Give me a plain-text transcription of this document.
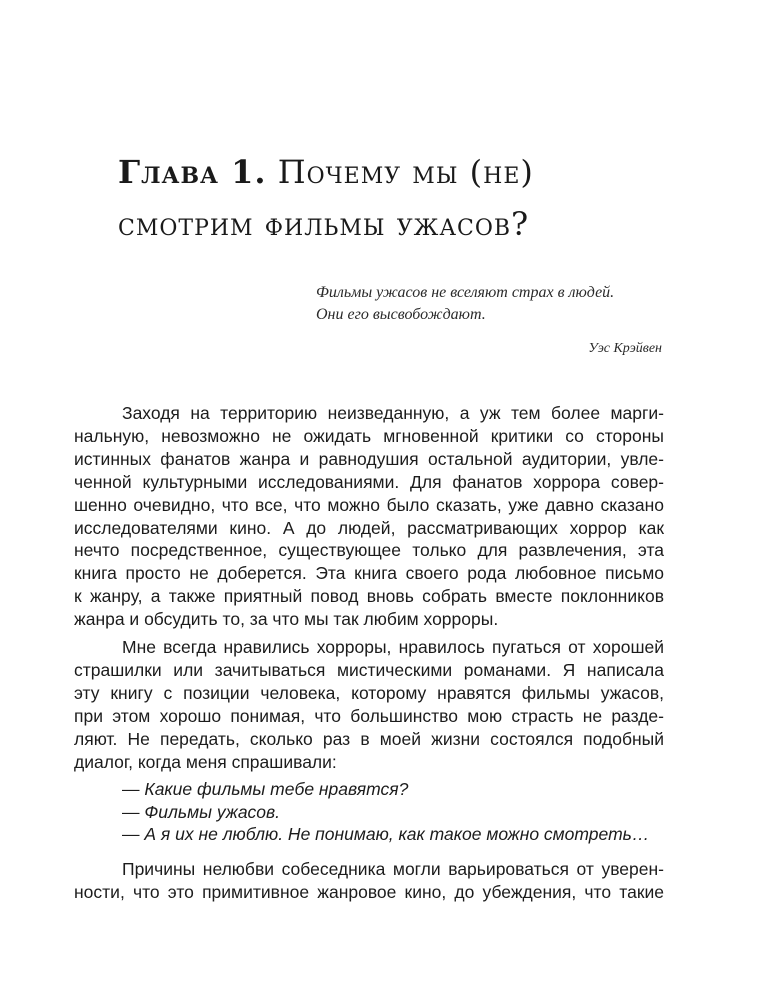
Глава 1. Почему мы (не)
смотрим фильмы ужасов?

Фильмы ужасов не вселяют страх в людей.

Они его высвобождают.

Уэс Крэйвен
Заходя на территорию неизведанную, а уж тем более марги-
нальную, невозможно не ожидать мгновенной критики со стороны
истинных фанатов жанра и равнодушия остальной аудитории, увле-
ченной культурными исследованиями. Для фанатов хоррора совер-
шенно очевидно, что все, что можно было сказать, уже давно сказано
исследователями кино. А до людей, рассматривающих хоррор как
нечто посредственное, существующее только для развлечения, эта
книга просто не доберется. Эта книга своего рода любовное письмо
к жанру, а также приятный повод вновь собрать вместе поклонников
жанра и обсудить то, за что мы так любим хорроры.
Мне всегда нравились хорроры, нравилось пугаться от хорошей
страшилки или зачитываться мистическими романами. Я написала
эту книгу с позиции человека, которому нравятся фильмы ужасов,
при этом хорошо понимая, что большинство мою страсть не разде-
ляют. Не передать, сколько раз в моей жизни состоялся подобный
диалог, когда меня спрашивали:
— Какие фильмы тебе нравятся?
— Фильмы ужасов.
— А я их не люблю. Не понимаю, как такое можно смотреть…
Причины нелюбви собеседника могли варьироваться от уверен-
ности, что это примитивное жанровое кино, до убеждения, что такие
